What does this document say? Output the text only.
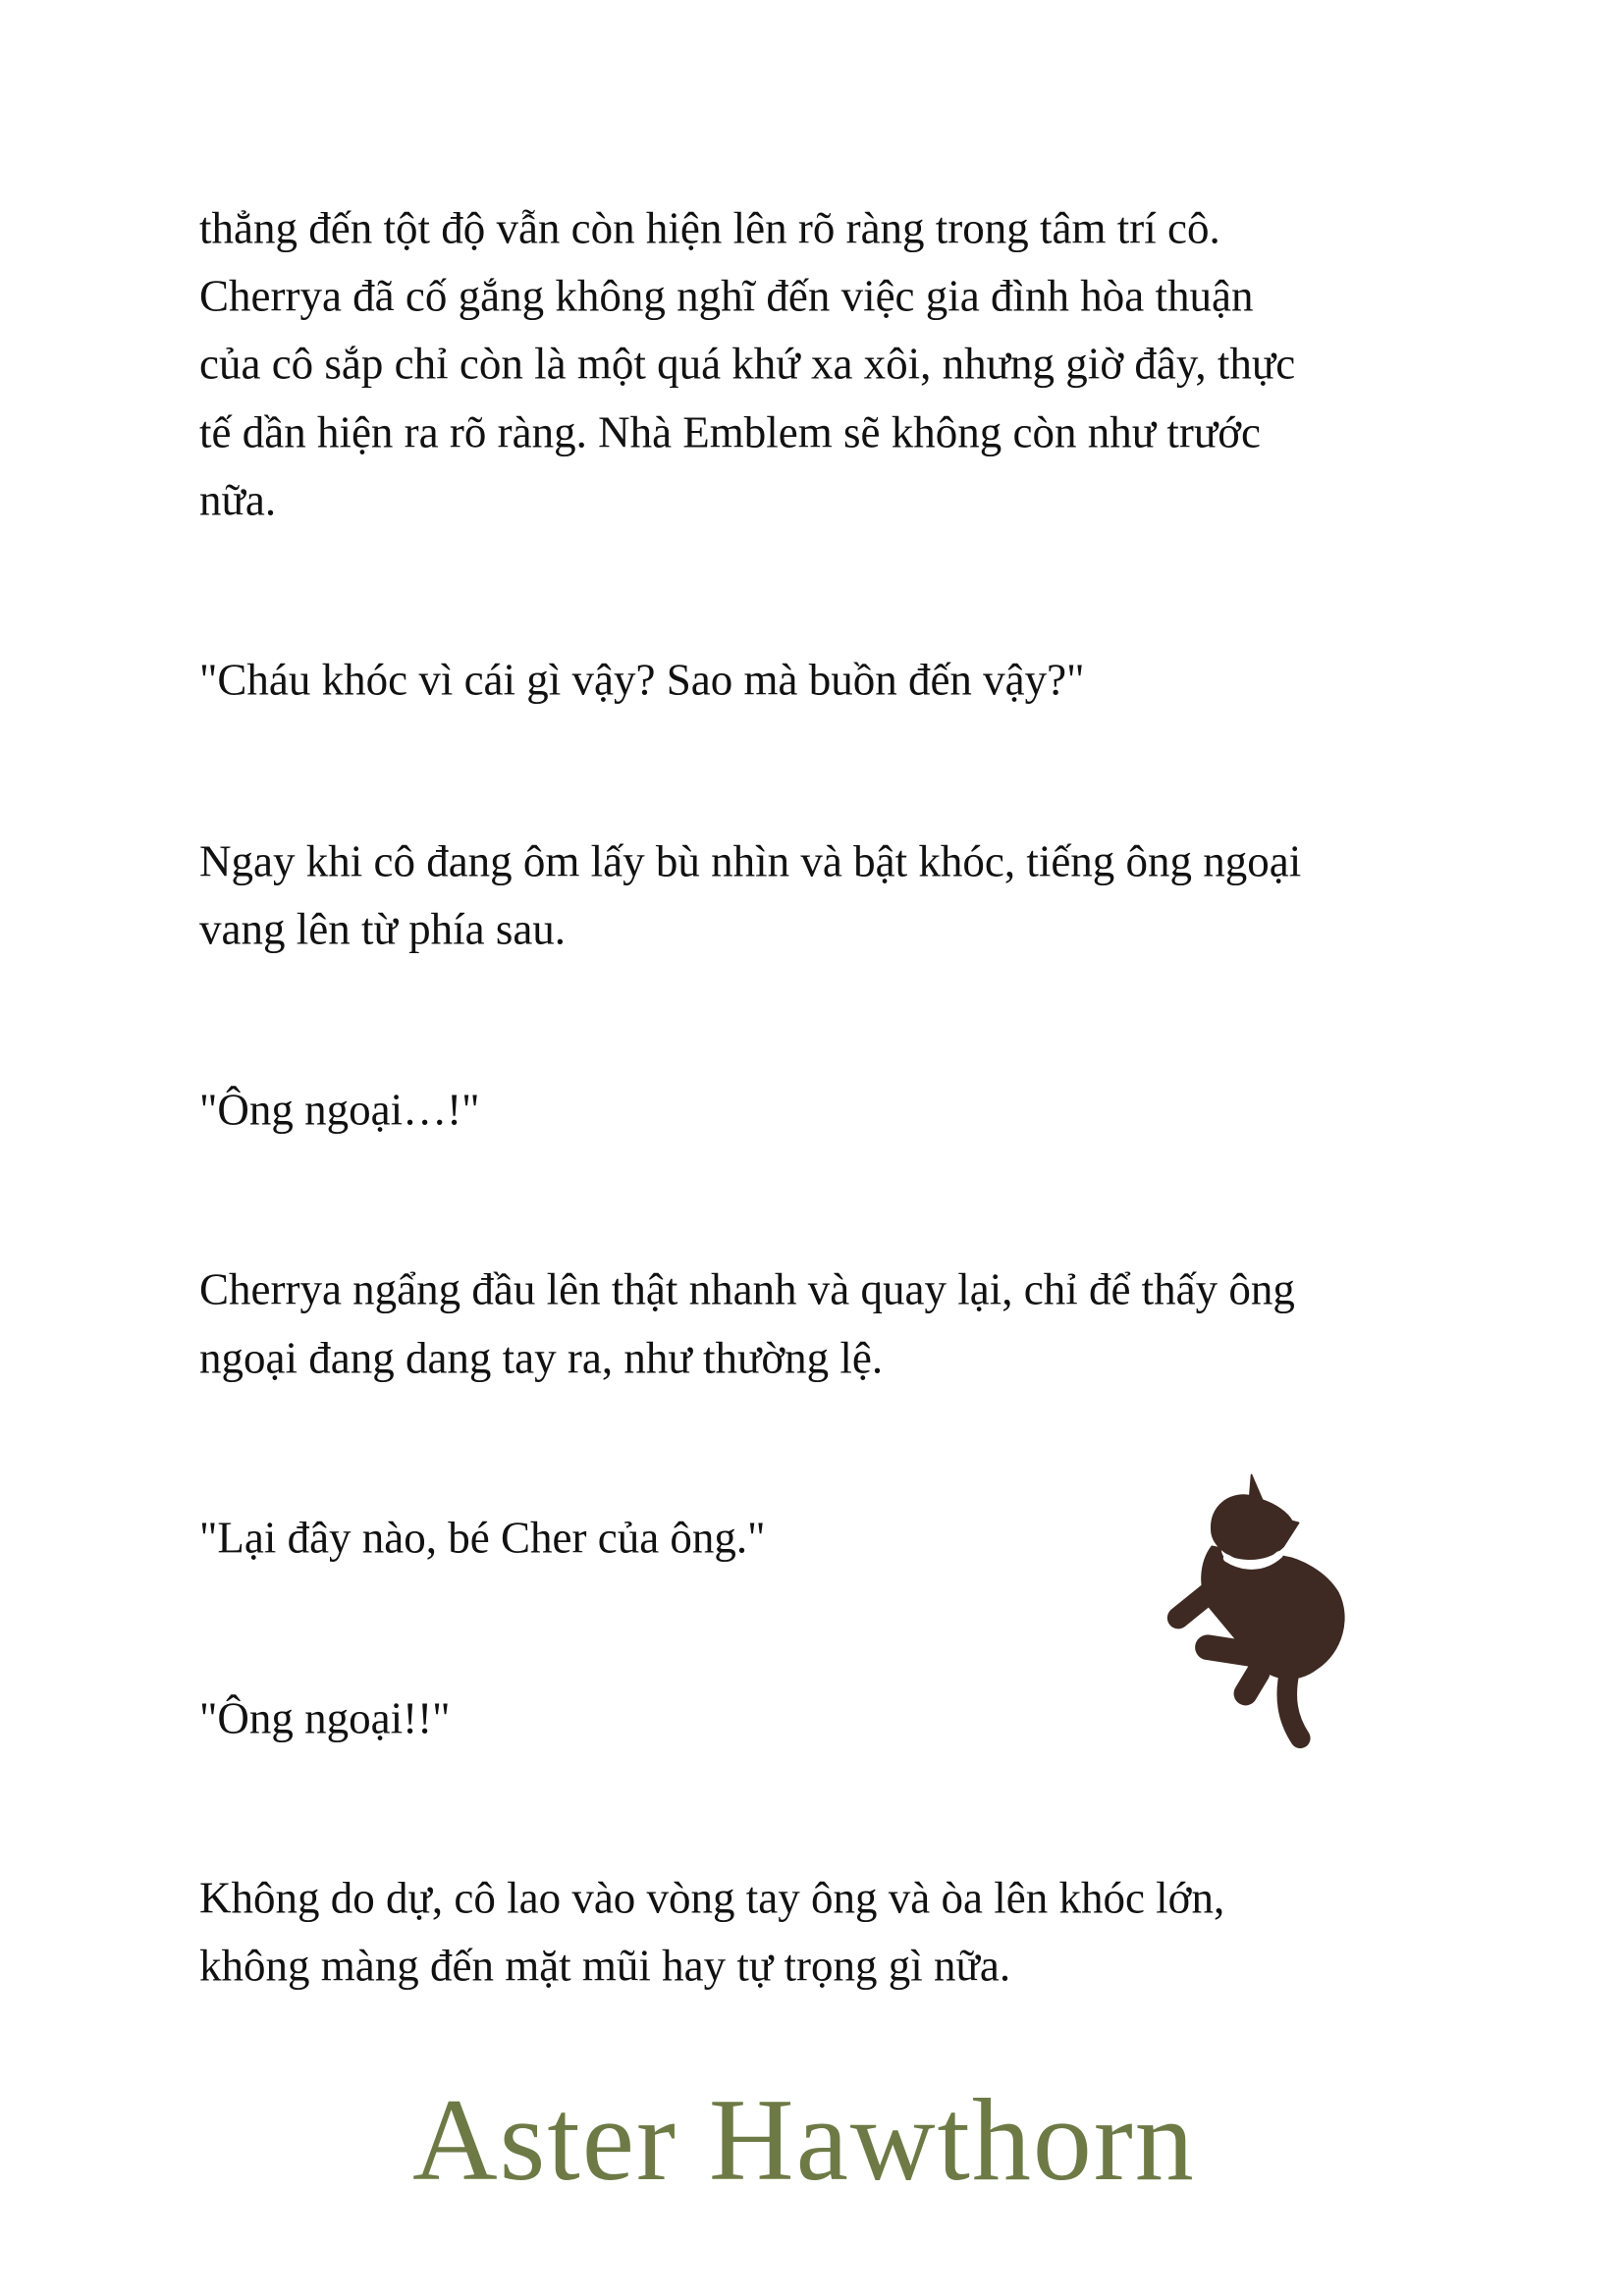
thẳng đến tột độ vẫn còn hiện lên rõ ràng trong tâm trí cô.
Cherrya đã cố gắng không nghĩ đến việc gia đình hòa thuận
của cô sắp chỉ còn là một quá khứ xa xôi, nhưng giờ đây, thực
tế dần hiện ra rõ ràng. Nhà Emblem sẽ không còn như trước
nữa.
"Cháu khóc vì cái gì vậy? Sao mà buồn đến vậy?"
Ngay khi cô đang ôm lấy bù nhìn và bật khóc, tiếng ông ngoại
vang lên từ phía sau.
"Ông ngoại…!"
Cherrya ngẩng đầu lên thật nhanh và quay lại, chỉ để thấy ông
ngoại đang dang tay ra, như thường lệ.
"Lại đây nào, bé Cher của ông."
"Ông ngoại!!"
Không do dự, cô lao vào vòng tay ông và òa lên khóc lớn,
không màng đến mặt mũi hay tự trọng gì nữa.
Aster Hawthorn
